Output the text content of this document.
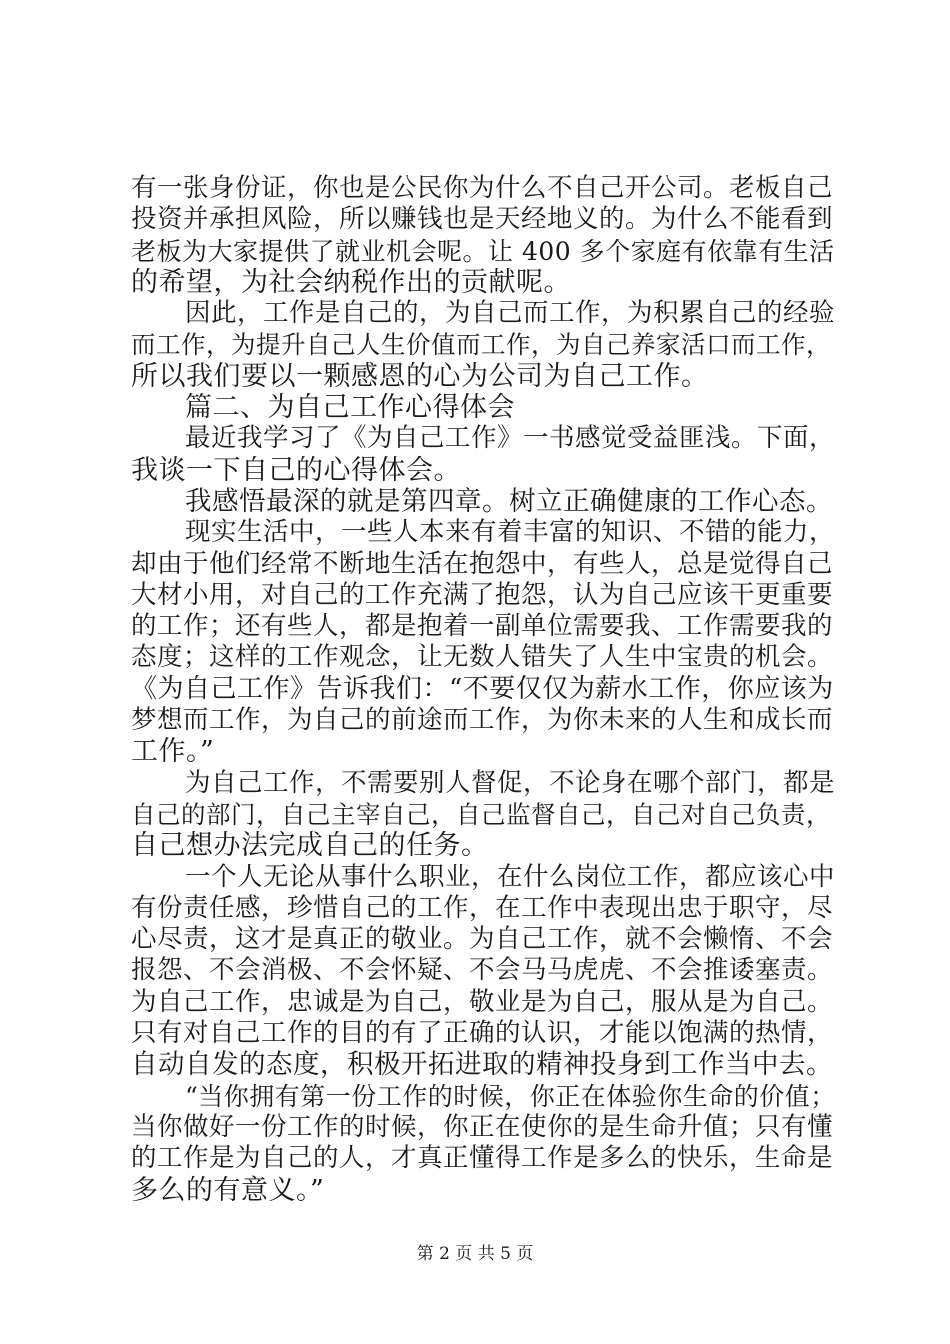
有一张身份证，你也是公民你为什么不自己开公司。老板自己
投资并承担风险，所以赚钱也是天经地义的。为什么不能看到
老板为大家提供了就业机会呢。让 400 多个家庭有依靠有生活
的希望，为社会纳税作出的贡献呢。
因此，工作是自己的，为自己而工作，为积累自己的经验
而工作，为提升自己人生价值而工作，为自己养家活口而工作，
所以我们要以一颗感恩的心为公司为自己工作。
篇二、为自己工作心得体会
最近我学习了《为自己工作》一书感觉受益匪浅。下面，
我谈一下自己的心得体会。
我感悟最深的就是第四章。树立正确健康的工作心态。
现实生活中，一些人本来有着丰富的知识、不错的能力，
却由于他们经常不断地生活在抱怨中，有些人，总是觉得自己
大材小用，对自己的工作充满了抱怨，认为自己应该干更重要
的工作；还有些人，都是抱着一副单位需要我、工作需要我的
态度；这样的工作观念，让无数人错失了人生中宝贵的机会。
《为自己工作》告诉我们：“不要仅仅为薪水工作，你应该为
梦想而工作，为自己的前途而工作，为你未来的人生和成长而
工作。”
为自己工作，不需要别人督促，不论身在哪个部门，都是
自己的部门，自己主宰自己，自己监督自己，自己对自己负责，
自己想办法完成自己的任务。
一个人无论从事什么职业，在什么岗位工作，都应该心中
有份责任感，珍惜自己的工作，在工作中表现出忠于职守，尽
心尽责，这才是真正的敬业。为自己工作，就不会懒惰、不会
报怨、不会消极、不会怀疑、不会马马虎虎、不会推诿塞责。
为自己工作，忠诚是为自己，敬业是为自己，服从是为自己。
只有对自己工作的目的有了正确的认识，才能以饱满的热情，
自动自发的态度，积极开拓进取的精神投身到工作当中去。
“当你拥有第一份工作的时候，你正在体验你生命的价值；
当你做好一份工作的时候，你正在使你的是生命升值；只有懂
的工作是为自己的人，才真正懂得工作是多么的快乐，生命是
多么的有意义。”
第 2 页 共 5 页
